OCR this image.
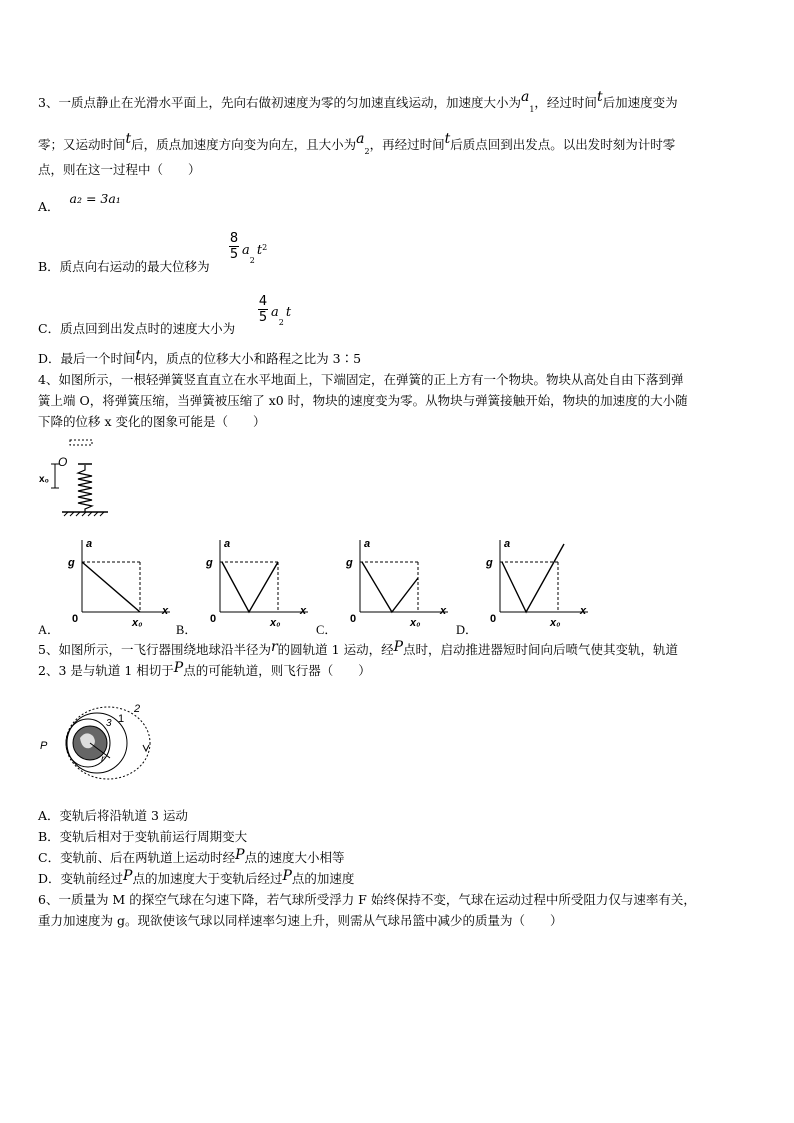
3、一质点静止在光滑水平面上，先向右做初速度为零的匀加速直线运动，加速度大小为$a_1$，经过时间t后加速度变为
零；又运动时间t后，质点加速度方向变为向左，且大小为$a_2$，再经过时间t后质点回到出发点。以出发时刻为计时零
点，则在这一过程中（　　）
A． a₂ = 3a₁
B．质点向右运动的最大位移为
8
5 $a_2t^2$
C．质点回到出发点时的速度大小为
4
5 $a_2t$
D．最后一个时间t内，质点的位移大小和路程之比为 3∶5
4、如图所示，一根轻弹簧竖直直立在水平地面上，下端固定，在弹簧的正上方有一个物块。物块从高处自由下落到弹
簧上端 O，将弹簧压缩，当弹簧被压缩了 x0 时，物块的速度变为零。从物块与弹簧接触开始，物块的加速度的大小随
下降的位移 x 变化的图象可能是（　　）
O
x₀
A．
a
g
0	x₀
x
B．
a
g
0	x₀
x
C．
a
g
0	x₀
x
D．
a
g
0	x₀
x
5、如图所示，一飞行器围绕地球沿半径为r的圆轨道 1 运动，经P点时，启动推进器短时间向后喷气使其变轨，轨道
2、3 是与轨道 1 相切于P点的可能轨道，则飞行器（　　）
P
1
2
3
r
A．变轨后将沿轨道 3 运动
B．变轨后相对于变轨前运行周期变大
C．变轨前、后在两轨道上运动时经P点的速度大小相等
D．变轨前经过P点的加速度大于变轨后经过P点的加速度
6、一质量为 M 的探空气球在匀速下降，若气球所受浮力 F 始终保持不变，气球在运动过程中所受阻力仅与速率有关，
重力加速度为 g。现欲使该气球以同样速率匀速上升，则需从气球吊篮中减少的质量为（　　）
